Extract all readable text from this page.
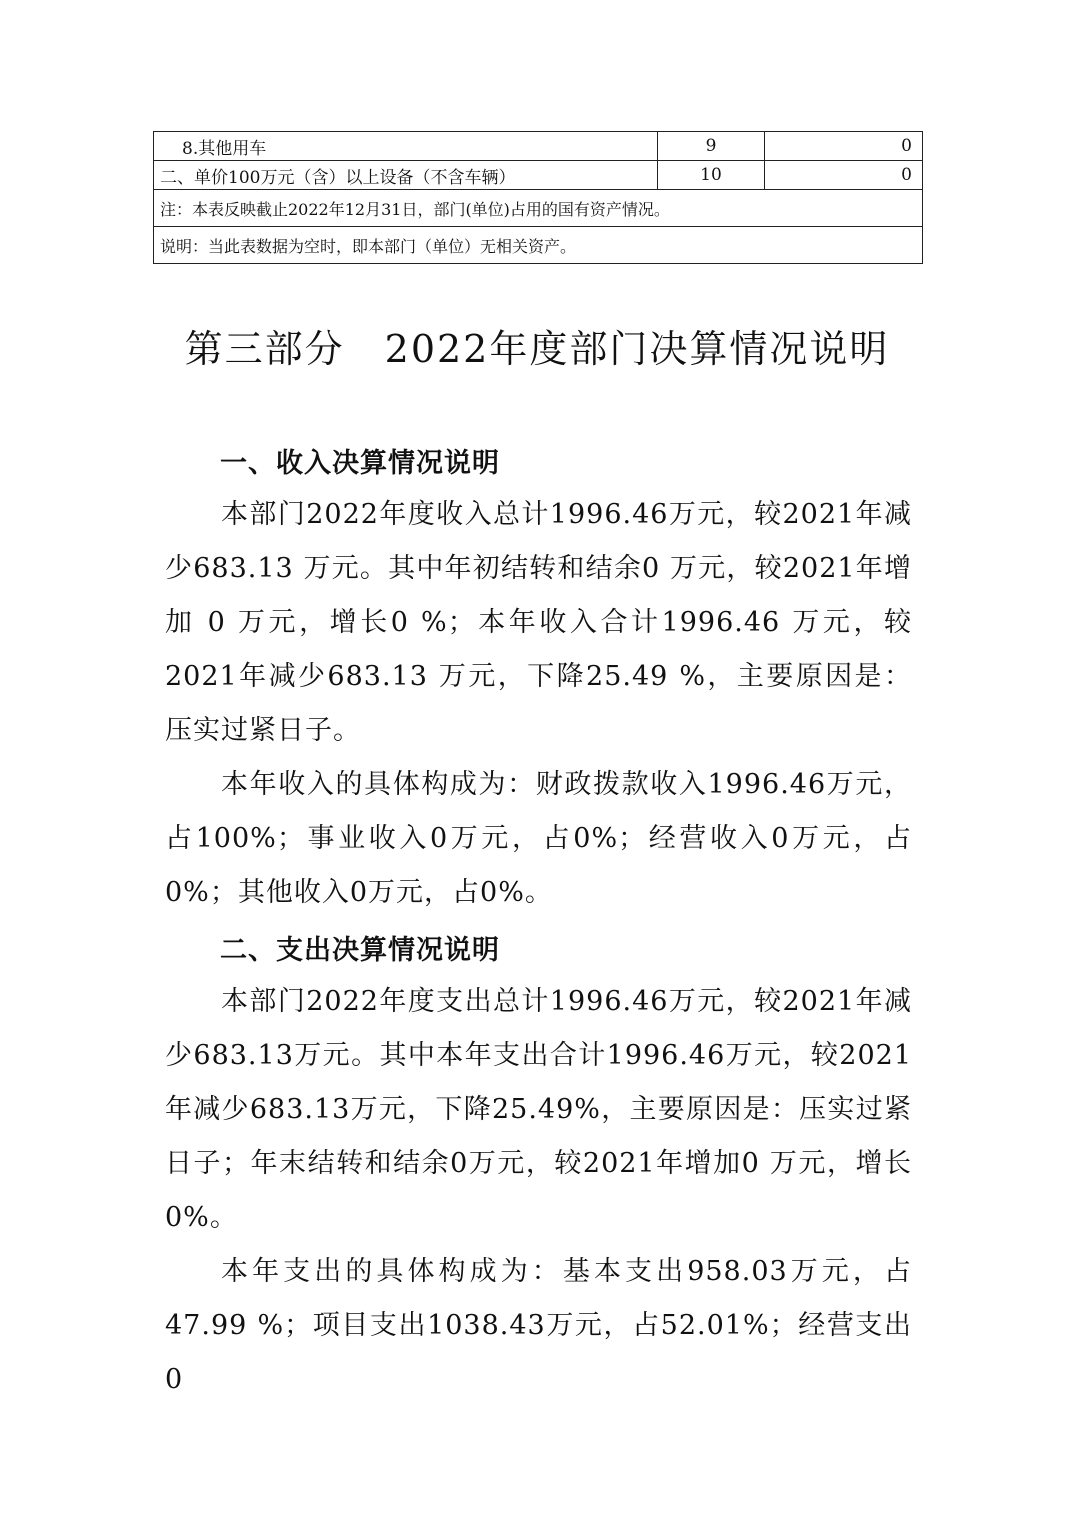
8.其他用车	9	0
二、单价100万元（含）以上设备（不含车辆）	10	0
注：本表反映截止2022年12月31日，部门(单位)占用的国有资产情况。		
说明：当此表数据为空时，即本部门（单位）无相关资产。		
第三部分　2022年度部门决算情况说明
一、收入决算情况说明

本部门2022年度收入总计1996.46万元，较2021年减少683.13 万元。其中年初结转和结余0 万元，较2021年增加 0 万元，增长0 %；本年收入合计1996.46 万元，较2021年减少683.13 万元，下降25.49 %，主要原因是：压实过紧日子。

本年收入的具体构成为：财政拨款收入1996.46万元，占100%；事业收入0万元，占0%；经营收入0万元，占0%；其他收入0万元，占0%。

二、支出决算情况说明

本部门2022年度支出总计1996.46万元，较2021年减少683.13万元。其中本年支出合计1996.46万元，较2021年减少683.13万元，下降25.49%，主要原因是：压实过紧日子；年末结转和结余0万元，较2021年增加0 万元，增长0%。

本年支出的具体构成为：基本支出958.03万元，占47.99 %；项目支出1038.43万元，占52.01%；经营支出0
